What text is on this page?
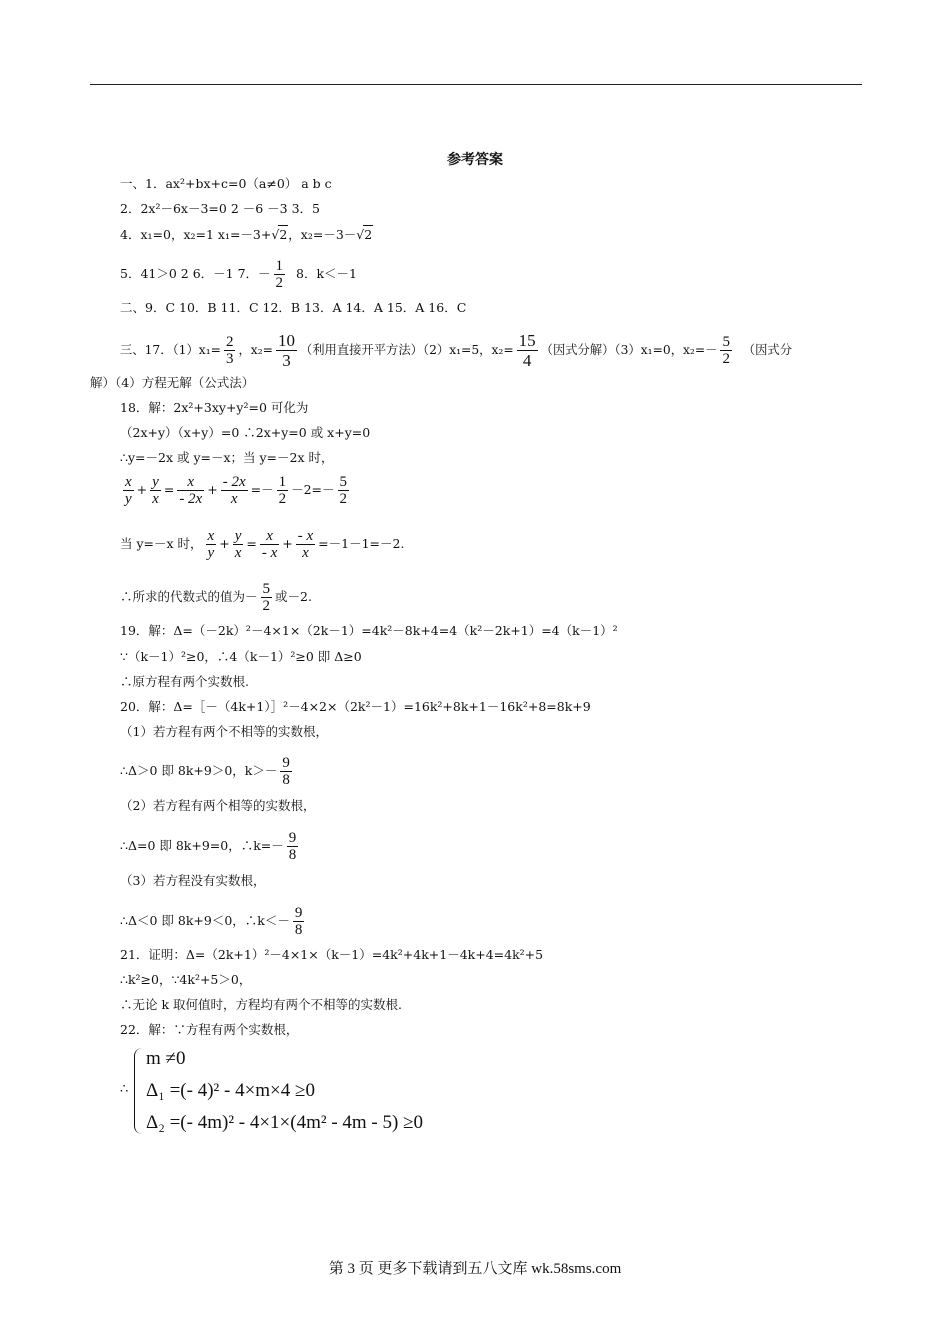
参考答案
一、1．ax²+bx+c=0（a≠0） a b c
2．2x²－6x－3=0 2 －6 －3 3．5
4．x₁=0，x₂=1 x₁=－3+√2，x₂=－3－√2
5．41＞0 2 6．－1 7．－ $\frac{1}{2} 8$．k＜－1
二、9．C 10．B 11．C 12．B 13．A 14．A 15．A 16．C
三、17．$(1)x_1= \frac{2}{3}$ ，$x_2= \frac{10}{3}$ （利用直接开平方法）（2）x₁=5，$x_2= \frac{15}{4}$ （因式分解）（3）x₁=0，$x_2=- \frac{5}{2}$ （因式分
解）（4）方程无解（公式法）
18．解：2x²+3xy+y²=0 可化为
（2x+y）（x+y）=0 ∴2x+y=0 或 x+y=0
∴y=－2x 或 y=－x；当 y=－2x 时，
$\frac{x}{y} + \frac{y}{x} = \frac{x}{- 2x} + \frac{- 2x}{x} =- \frac{1}{2} -2=- \frac{5}{2}$
当 y=－x 时， $\frac{x}{y} + \frac{y}{x} = \frac{x}{- x} + \frac{- x}{x} =-1-1=-2$.
∴所求的代数式的值为－ $\frac{5}{2}$ 或－2.
19．解：Δ=（－2k）²－4×1×（2k－1）=4k²－8k+4=4（k²－2k+1）=4（k－1）²
∵（k－1）²≥0，∴4（k－1）²≥0 即 Δ≥0
∴原方程有两个实数根.
20．解：Δ=［－（4k+1）］²－4×2×（2k²－1）=16k²+8k+1－16k²+8=8k+9
（1）若方程有两个不相等的实数根，
∴Δ＞0 即 8k+9＞0，$k>- \frac{9}{8}$
（2）若方程有两个相等的实数根，
∴Δ=0 即 8k+9=0，∴k=－ $\frac{9}{8}$
（3）若方程没有实数根，
∴Δ＜0 即 8k+9＜0，∴k＜－ $\frac{9}{8}$
21．证明：Δ=（2k+1）²－4×1×（k－1）=4k²+4k+1－4k+4=4k²+5
∴k²≥0，∵4k²+5＞0，
∴无论 k 取何值时，方程均有两个不相等的实数根.
22．解：∵方程有两个实数根，
∴
m ≠0
Δ₁ =(- 4)² - 4×m×4 ≥0
Δ₂ =(- 4m)² - 4×1×(4m² - 4m - 5) ≥0
第 3 页 更多下载请到五八文库 wk.58sms.com
